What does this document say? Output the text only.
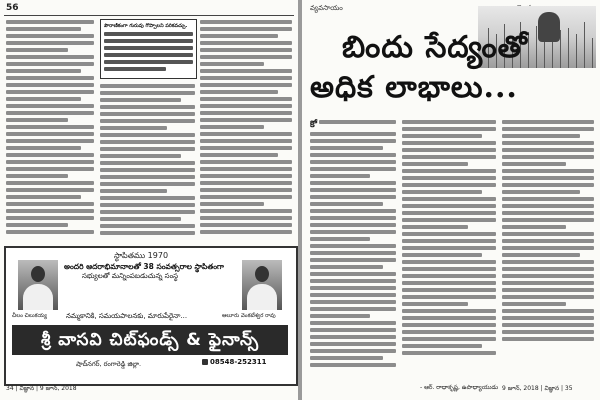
56
పౌరాణికంగా గురువు గొప్పాలని పరికవచ్చు.
స్థాపితము 1970
అందరి ఆదరాభిమానాలతో 38 సంవత్సరాల స్థాపితంగా
సభ్యులతో మన్నింపబడుచున్న సంస్థ
చీలం చిలుకయ్య	ఆలూరు వెంకటేశ్వర రావు
నమ్మకానికి, సమయపాలనకు, మారుపేరైనా...
శ్రీ వాసవి చిట్‌ఫండ్స్ & ఫైనాన్స్
షాద్‌నగర్, రంగారెడ్డి జిల్లా.	08548-252311
34 | విజ్ఞాన | 9 జూన్, 2018
వ్యవసాయం
బిందు సేద్యంతో
అధిక లాభాలు...
కో
- ఆర్. రాధాకృష్ణ, ఉపాధ్యాయుడు 9 జూన్, 2018 | విజ్ఞాన | 35
